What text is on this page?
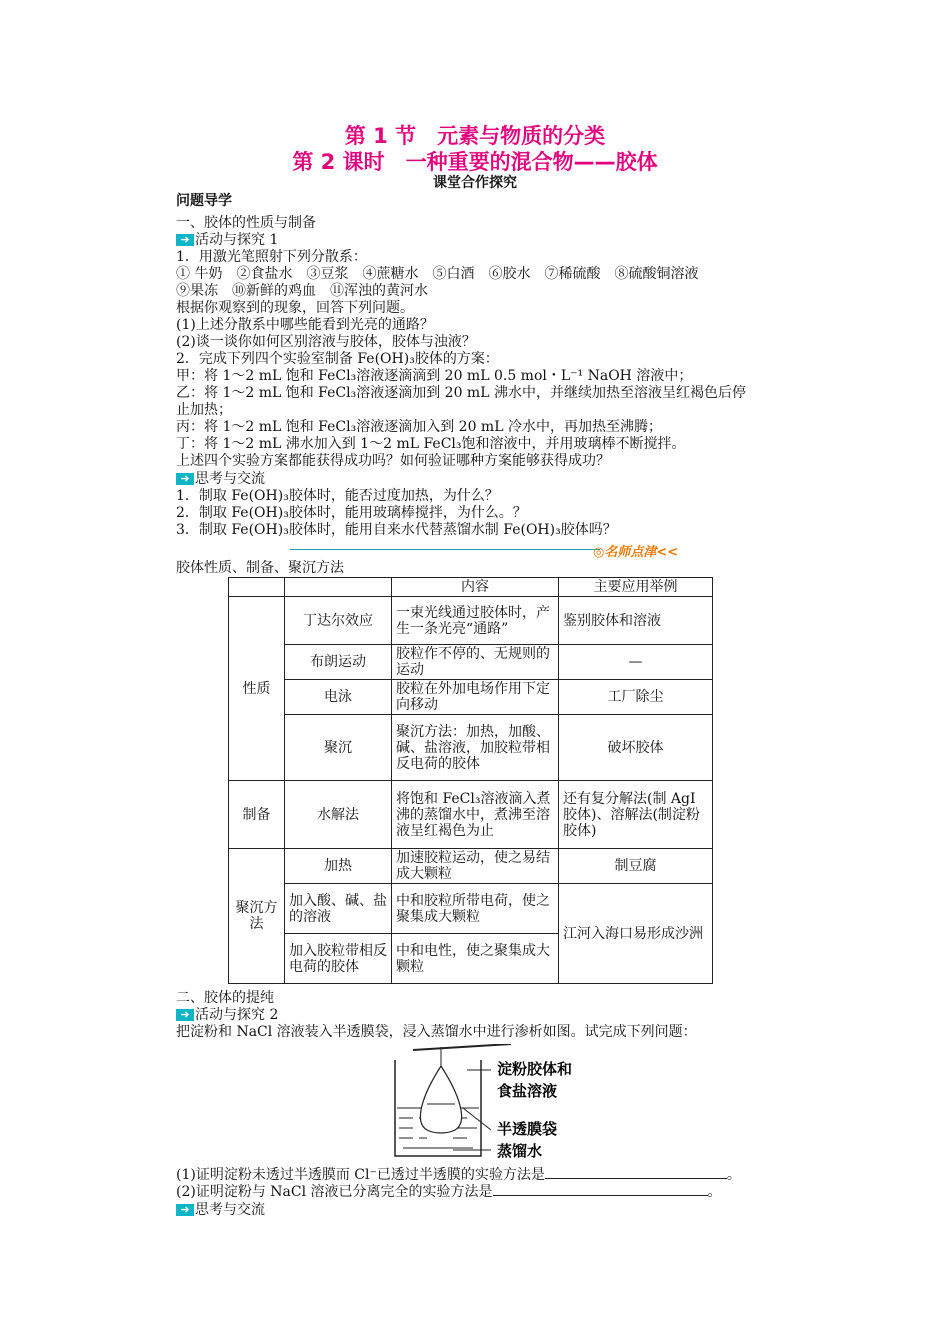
第 1 节　元素与物质的分类
第 2 课时　一种重要的混合物——胶体
课堂合作探究
问题导学
一、胶体的性质与制备
➜ 活动与探究 1
1．用激光笔照射下列分散系：
① 牛奶　②食盐水　③豆浆　④蔗糖水　⑤白酒　⑥胶水　⑦稀硫酸　⑧硫酸铜溶液
⑨果冻　⑩新鲜的鸡血　⑪浑浊的黄河水
根据你观察到的现象，回答下列问题。
(1)上述分散系中哪些能看到光亮的通路？
(2)谈一谈你如何区别溶液与胶体，胶体与浊液？
2．完成下列四个实验室制备 Fe(OH)₃胶体的方案：
甲：将 1～2 mL 饱和 FeCl₃溶液逐滴滴到 20 mL 0.5 mol・L⁻¹ NaOH 溶液中；
乙：将 1～2 mL 饱和 FeCl₃溶液逐滴加到 20 mL 沸水中，并继续加热至溶液呈红褐色后停
止加热；
丙：将 1～2 mL 饱和 FeCl₃溶液逐滴加入到 20 mL 冷水中，再加热至沸腾；
丁：将 1～2 mL 沸水加入到 1～2 mL FeCl₃饱和溶液中，并用玻璃棒不断搅拌。
上述四个实验方案都能获得成功吗？如何验证哪种方案能够获得成功？
➜ 思考与交流
1．制取 Fe(OH)₃胶体时，能否过度加热，为什么？
2．制取 Fe(OH)₃胶体时，能用玻璃棒搅拌，为什么。？
3．制取 Fe(OH)₃胶体时，能用自来水代替蒸馏水制 Fe(OH)₃胶体吗？
◎名师点津<<
胶体性质、制备、聚沉方法
		内容	主要应用举例
性质	丁达尔效应	一束光线通过胶体时，产生一条光亮“通路”	鉴别胶体和溶液
	布朗运动	胶粒作不停的、无规则的运动	—
	电泳	胶粒在外加电场作用下定向移动	工厂除尘
	聚沉	聚沉方法：加热，加酸、碱、盐溶液，加胶粒带相反电荷的胶体	破坏胶体
制备	水解法	将饱和 FeCl₃溶液滴入煮沸的蒸馏水中，煮沸至溶液呈红褐色为止	还有复分解法(制 AgI 胶体)、溶解法(制淀粉胶体)
聚沉方法	加热	加速胶粒运动，使之易结成大颗粒	制豆腐
	加入酸、碱、盐的溶液	中和胶粒所带电荷，使之聚集成大颗粒	江河入海口易形成沙洲
	加入胶粒带相反电荷的胶体	中和电性，使之聚集成大颗粒	
二、胶体的提纯
➜ 活动与探究 2
把淀粉和 NaCl 溶液装入半透膜袋，浸入蒸馏水中进行渗析如图。试完成下列问题：
淀粉胶体和
食盐溶液
半透膜袋
蒸馏水
(1)证明淀粉未透过半透膜而 Cl⁻已透过半透膜的实验方法是	。
(2)证明淀粉与 NaCl 溶液已分离完全的实验方法是	。
➜ 思考与交流
